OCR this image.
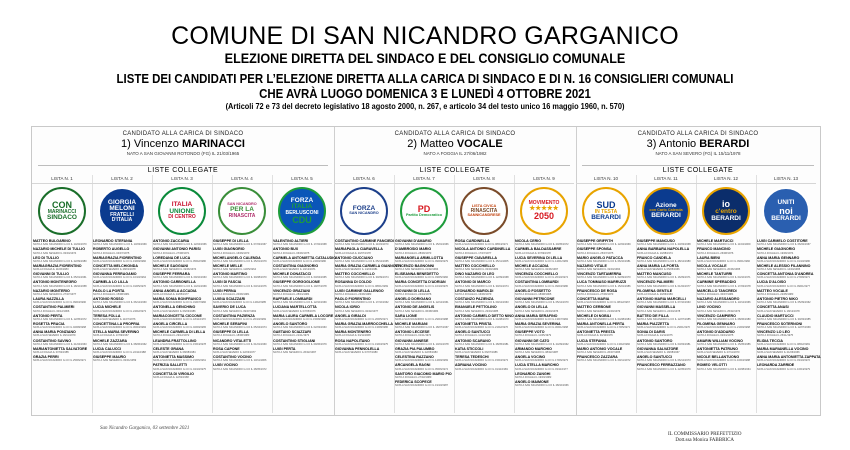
COMUNE DI SAN NICANDRO GARGANICO
ELEZIONE DIRETTA DEL SINDACO E DEL CONSIGLIO COMUNALE
LISTE DEI CANDIDATI PER L’ELEZIONE DIRETTA ALLA CARICA DI SINDACO E DI N. 16 CONSIGLIERI COMUNALI
CHE AVRÀ LUOGO DOMENICA 3 E LUNEDÌ 4 OTTOBRE 2021
(Articoli 72 e 73 del decreto legislativo 18 agosto 2000, n. 267, e articolo 34 del testo unico 16 maggio 1960, n. 570)
CANDIDATO ALLA CARICA DI SINDACO
1) Vincenzo MARINACCI
NATO A SAN GIOVANNI ROTONDO (FG) IL 21/03/1965
LISTE COLLEGATE
LISTA N. 1
CON
MARINACCI
SINDACO
MATTEO BULGARINO
NATO A SAN NICANDRO G.CO IL 14/02/1970
NAZARIO MICHELE DI TULLIO
NATO A SAN SEVERO IL 03/04/1974
LEO DI TULLIO
NATO A SAN NICANDRO G.CO IL 22/09/1980
MARIAGRAZIA FIORENTINO
NATA A FOGGIA IL 11/06/1983
GIOVANNI DI TULLIO
NATO A SAN NICANDRO G.CO IL 05/01/1961
ANTONIO MONTENEGRO
NATO A SAN NICANDRO G.CO IL 18/10/1958
NAZARIO MONTERIO
NATO A SAN SEVERO IL 27/07/1977
LAURA NAZZILLA
NATA A SAN NICANDRO G.CO IL 09/03/1990
COSTANTINO PALMIERI
NATO A FOGGIA IL 30/12/1966
ANTONIO PERTA
NATO A SAN NICANDRO G.CO IL 12/05/1972
ROSETTA PRACIA
NATA A SAN NICANDRO G.CO IL 02/08/1968
ANNA MARIA PONZIANO
NATA A SAN SEVERO IL 16/11/1979
COSTANTINO SAVINO
NATO A SAN NICANDRO G.CO IL 21/04/1963
MARIANTONIETTA SALVATORE
NATA A FOGGIA IL 07/02/1985
GRAZIA PERRI
NATA A SAN NICANDRO G.CO IL 25/06/1971
LISTA N. 2
GIORGIA
MELONI
FRATELLI
D'ITALIA
LEONARDO STEFANIA
NATO A SAN NICANDRO G.CO IL 13/03/1969
ROBERTO AUGELLO
NATO A FOGGIA IL 04/07/1975
MARIAGRAZIA FIORENTINO
NATA A SAN NICANDRO G.CO IL 19/09/1982
CONCETTA MELCHIONDA
NATA A SAN SEVERO IL 28/01/1978
GIOVANNA FERRAGAMO
NATA A SAN NICANDRO G.CO IL 10/10/1964
CARMELA LO LILLA
NATA A SAN NICANDRO G.CO IL 01/05/1970
PAOLO LA PORTA
NATO A FOGGIA IL 15/08/1981
ANTONIO ROSSO
NATO A SAN NICANDRO G.CO IL 06/12/1960
LUCIA MICHELE
NATA A SAN NICANDRO G.CO IL 24/02/1973
TERESA FOLLA
NATA A SAN SEVERO IL 11/07/1976
CONCETTINA LA PROPRIA
NATA A SAN NICANDRO G.CO IL 30/03/1984
STELLA MARIA SEVERINO
NATA A FOGGIA IL 17/09/1967
MICHELE ZAZZARA
NATO A SAN NICANDRO G.CO IL 08/06/1962
LUCIA CALUCCI
NATA A SAN NICANDRO G.CO IL 22/11/1988
GIUSEPPE MAURO
NATO A SAN SEVERO IL 03/01/1959
LISTA N. 3
ITALIA
UNIONE
DI CENTRO
ANTONIO ZACCARIA
NATO A SAN NICANDRO G.CO IL 12/04/1966
GIOVANNI ANTONIO PARISI
NATO A FOGGIA IL 27/08/1971
LOREDANA DE LUCA
NATA A SAN NICANDRO G.CO IL 05/02/1980
MICHELE SAGGIANI
NATO A SAN SEVERO IL 19/06/1974
GIUSEPPE FERRARA
NATO A SAN NICANDRO G.CO IL 09/10/1963
ANTONIO CARBONELLA
NATO A SAN NICANDRO G.CO IL 14/01/1969
ANNA ANGELA ACCADIA
NATA A FOGGIA IL 23/05/1977
MARIA SONIA BONFRANCO
NATA A SAN NICANDRO G.CO IL 31/07/1982
ANTONELLA GENCHINO
NATA A SAN SEVERO IL 06/03/1986
MARIACONCETTA CICCONE
NATA A SAN NICANDRO G.CO IL 18/11/1970
ANGELA CIRCELLA
NATA A SAN NICANDRO G.CO IL 02/09/1965
MICHELE CARMELA DI LELLA
NATO A FOGGIA IL 29/12/1972
LEANDRA FRATTOLLINO
NATA A SAN NICANDRO G.CO IL 15/04/1978
CELESTE GRANA
NATA A SAN SEVERO IL 08/08/1984
ANTONIETTA MASSIMO
NATA A SAN NICANDRO G.CO IL 21/06/1961
PATRIZIA SALLETTI
NATA A SAN NICANDRO G.CO IL 04/10/1975
CONCETTA DI VIRGILIO
NATA A FOGGIA IL 12/02/1968
LISTA N. 4
SAN NICANDRO
PER LA
RINASCITA
GIUSEPPE DI LELLA
NATO A SAN NICANDRO G.CO IL 07/03/1967
LUIGI GIAGNORIO
NATO A FOGGIA IL 16/09/1973
MICHELANGELO CALENDA
NATO A SAN NICANDRO G.CO IL 25/01/1979
MICHELE MELLE
NATO A SAN SEVERO IL 11/05/1964
ANTONIO MARTINO
NATO A SAN NICANDRO G.CO IL 30/08/1970
LUIGI DI FASCIA
NATO A SAN NICANDRO G.CO IL 03/12/1976
LUIGI PERNA
NATO A FOGGIA IL 20/06/1981
LUIGIA SCIAZZARI
NATA A SAN NICANDRO G.CO IL 14/02/1985
SAVERIO DE LUCA
NATO A SAN SEVERO IL 09/07/1962
COSTANTINA PAZIENZA
NATA A SAN NICANDRO G.CO IL 26/10/1969
MICHELE SERAFINI
NATO A SAN NICANDRO G.CO IL 05/04/1974
GIUSEPPE DI LELLA
NATO A FOGGIA IL 18/08/1983
NICANDRO VITALETTI
NATO A SAN NICANDRO G.CO IL 01/01/1960
ROSA CAPONE
NATA A SAN SEVERO IL 22/03/1977
COSTANTINO VOCINO
NATO A SAN NICANDRO G.CO IL 13/11/1966
LUIGI VOCINO
NATO A SAN NICANDRO G.CO IL 28/05/1972
LISTA N. 5
FORZA
ITALIA
BERLUSCONI
CDU
VALENTINO ALTIERI
NATO A SAN NICANDRO G.CO IL 17/02/1968
ANTONIO BUX
NATO A FOGGIA IL 06/06/1975
CARMELA ANTONIETTA CATALUDIO
NATA A SAN NICANDRO G.CO IL 24/09/1980
COSTANTINA GIAGNORIO
NATA A SAN SEVERO IL 10/12/1971
MICHELE DONATACCI
NATO A SAN NICANDRO G.CO IL 03/04/1965
GIUSEPPE GORGOGLIONE
NATO A SAN NICANDRO G.CO IL 19/07/1978
VINCENZO GRAZIANI
NATO A FOGGIA IL 28/01/1984
RAFFAELE LOMBARDI
NATO A SAN NICANDRO G.CO IL 12/10/1969
LUCIANA MARTELLOTTA
NATA A SAN SEVERO IL 07/05/1976
MARIA LAURA CARMELA LOCORE
NATA A SAN NICANDRO G.CO IL 15/08/1982
ANGELO SANTORO
NATO A SAN NICANDRO G.CO IL 02/03/1963
GAETANO SCIAZZARI
NATO A FOGGIA IL 21/11/1973
COSTANTINO STIGLIANI
NATO A SAN NICANDRO G.CO IL 09/06/1979
LUIGI PERTA
NATO A SAN SEVERO IL 26/02/1967
CANDIDATO ALLA CARICA DI SINDACO
2) Matteo VOCALE
NATO A FOGGIA IL 27/06/1982
LISTE COLLEGATE
LISTA N. 6
FORZA
SAN NICANDRO
COSTANTINO CARMINE FANCIEDI
NATO A SAN NICANDRO G.CO IL 11/03/1970
MARIAPAOLA CIARAVELLA
NATA A FOGGIA IL 20/07/1978
ANTONIO CIUCCIANO
NATO A SAN NICANDRO G.CO IL 05/12/1965
MARIA GRAZIA CARMELA GIANNOTTI
NATA A SAN SEVERO IL 14/04/1981
MATTEO COCCHIELLO
NATO A SAN NICANDRO G.CO IL 30/09/1974
ROSANNA DI COLDO
NATA A SAN NICANDRO G.CO IL 08/01/1969
LUIGI CARMINE GALLENGO
NATO A FOGGIA IL 23/06/1983
PAOLO FIORENTINO
NATO A SAN NICANDRO G.CO IL 17/10/1962
NICOLA IORIO
NATO A SAN SEVERO IL 02/02/1977
ANGELA GIRALDI
NATA A SAN NICANDRO G.CO IL 26/05/1971
MARIA GRAZIA MARROCCHELLA
NATA A SAN NICANDRO G.CO IL 13/08/1986
MARIA MONTENERO
NATA A FOGGIA IL 04/11/1968
ROSA NAPOLITANO
NATA A SAN NICANDRO G.CO IL 19/03/1975
GIOVANNA PENNOLELLA
NATA A SAN SEVERO IL 07/07/1980
LISTA N. 7
PD
Partito Democratico
GIOVANNI D'AMARIO
NATO A SAN NICANDRO G.CO IL 15/01/1966
D'AMBROSIO MARIO
NATO A FOGGIA IL 28/06/1973
MARIANGELA ARMILLOTTA
NATA A SAN NICANDRO G.CO IL 09/09/1979
VINCENZO BAGNONNI
NATO A SAN SEVERO IL 21/02/1964
ELISEANNA BENEDETTO
NATA A SAN NICANDRO G.CO IL 03/05/1982
MARIA CONCETTA D'ADRIAN
NATA A SAN NICANDRO G.CO IL 16/10/1970
GIOVANNI DI LELLA
NATO A FOGGIA IL 24/04/1976
ANGELO DORIGANO
NATO A SAN NICANDRO G.CO IL 12/12/1961
ANTONIO DE ANGELIS
NATO A SAN SEVERO IL 06/08/1984
SARA LIONE
NATA A SAN NICANDRO G.CO IL 29/03/1988
MICHELE MARIANI
NATO A SAN NICANDRO G.CO IL 18/07/1967
ANTONIO LECCESE
NATO A FOGGIA IL 01/11/1972
GIOVANNI ANNESE
NATO A SAN NICANDRO G.CO IL 10/01/1978
GRAZIA PIA PALUMBO
NATA A SAN SEVERO IL 22/05/1983
CELESTINA RAZZANO
NATA A SAN NICANDRO G.CO IL 14/09/1969
ARCANGELA RAGNI
NATA A SAN NICANDRO G.CO IL 05/06/1974
SANTORO GIACOMO MARIO PIO
NATO A FOGGIA IL 27/02/1980
FEDERICA SCOPECE
NATA A SAN NICANDRO G.CO IL 19/10/1987
LISTA N. 8
LISTA CIVICA
RINASCITA
SANNICANDRESE
ROSA CARDINELLA
NATA A SAN NICANDRO G.CO IL 08/04/1971
NICOLA ANTONIO CARDINELLA
NATO A FOGGIA IL 17/07/1977
GIUSEPPE CIAVARELLA
NATO A SAN NICANDRO G.CO IL 25/11/1965
MATTEO COCCHIELLO
NATO A SAN SEVERO IL 03/03/1982
DINO NAZARIO DI LEO
NATO A SAN NICANDRO G.CO IL 12/09/1968
ANTONIO DI MARCO
NATO A SAN NICANDRO G.CO IL 30/01/1974
LEONARDO MAROLDI
NATO A FOGGIA IL 16/06/1979
COSTANZO PAZIENZA
NATO A SAN NICANDRO G.CO IL 09/12/1963
EMANUELE PETTOLINO
NATO A SAN SEVERO IL 23/04/1985
ANTONIO CARMELO DETTO NINO
NATO A SAN NICANDRO G.CO IL 04/08/1970
ANTONIETTA PRISTA
NATA A SAN NICANDRO G.CO IL 21/02/1976
ANGELO SANTUCCI
NATO A FOGGIA IL 11/10/1966
ANTONIO SCARANO
NATO A SAN NICANDRO G.CO IL 28/05/1981
KATIA STICCOLI
NATA A SAN SEVERO IL 06/07/1986
TERESA TEDESCHI
NATA A SAN NICANDRO G.CO IL 15/03/1973
ADRIANA VOCINO
NATA A SAN NICANDRO G.CO IL 01/11/1969
LISTA N. 9
MOVIMENTO
★★★★★
2050
NICOLA CERIO
NATO A SAN NICANDRO G.CO IL 20/05/1972
CARMELA BALDASSARRE
NATA A FOGGIA IL 07/09/1978
LUCIA SEVERINA DI LELLA
NATA A SAN NICANDRO G.CO IL 14/01/1983
MICHELE ACCADIA
NATO A SAN SEVERO IL 02/06/1967
VINCENZA COCCHIELLO
NATA A SAN NICANDRO G.CO IL 26/10/1974
COSTANTINA LOMBARDI
NATA A SAN NICANDRO G.CO IL 09/03/1980
ANGELO FOSSETTO
NATO A FOGGIA IL 18/08/1965
GIOVANNI PETRICONE
NATO A SAN NICANDRO G.CO IL 05/12/1970
ANGELO DI LELLA
NATO A SAN SEVERO IL 22/04/1976
ANNA MARIA SERAFINO
NATA A SAN NICANDRO G.CO IL 13/07/1984
MARIA GRAZIA SEVERINA
NATA A SAN NICANDRO G.CO IL 30/01/1968
GIUSEPPE VOTO
NATO A FOGGIA IL 11/05/1979
GIOVANNI DE CATO
NATO A SAN NICANDRO G.CO IL 24/09/1962
ARMANDO MARCHIO
NATO A SAN SEVERO IL 08/02/1987
ANGELA VOCINO
NATA A SAN NICANDRO G.CO IL 17/06/1973
LUCIA STELLA MARCHIO
NATA A SAN NICANDRO G.CO IL 03/11/1977
LEONARDO ZANGHI
NATO A FOGGIA IL 19/03/1982
ANGELO MAIMONE
NATO A SAN NICANDRO G.CO IL 28/10/1966
CANDIDATO ALLA CARICA DI SINDACO
3) Antonio BERARDI
NATO A SAN SEVERO (FG) IL 15/11/1978
LISTE COLLEGATE
LISTA N. 10
SUD
IN TESTA
BERARDI
GIUSEPPE GRIFFITH
NATO A SAN NICANDRO G.CO IL 12/02/1969
GIUSEPPE SPONSA
NATO A FOGGIA IL 25/07/1975
MARIO ANGELO PATACCA
NATO A SAN NICANDRO G.CO IL 06/10/1981
NAZARIO VITALE
NATO A SAN SEVERO IL 19/04/1964
VINCENZO TARTAMERRA
NATO A SAN NICANDRO G.CO IL 02/09/1970
LUCA TOMMASO MARRUZZI
NATO A SAN NICANDRO G.CO IL 15/01/1986
FRANCESCO DE ROSA
NATO A FOGGIA IL 27/06/1973
CONCETTA MARIA
NATA A SAN NICANDRO G.CO IL 08/12/1967
MATTEO CERBONE
NATO A SAN SEVERO IL 21/03/1979
MICHELE DI NOBILI
NATO A SAN NICANDRO G.CO IL 04/08/1984
MARIA ANTONELLA PERTA
NATA A SAN NICANDRO G.CO IL 17/05/1971
ANTONIETTA PRESTA
NATA A FOGGIA IL 30/10/1976
LUCIA STEFANIA
NATA A SAN NICANDRO G.CO IL 13/02/1982
MARIO ANTONIO VOCALE
NATO A SAN SEVERO IL 26/07/1965
FRANCESCO ZAZZARA
NATO A SAN NICANDRO G.CO IL 09/11/1972
LISTA N. 11
Azione
con Carlo Calenda
BERARDI
GIUSEPPE MANCUSO
NATO A SAN NICANDRO G.CO IL 23/03/1968
ANNA BARBARA NAPOLELLA
NATA A FOGGIA IL 10/08/1974
FRANCO CANDELA
NATO A SAN NICANDRO G.CO IL 28/12/1980
ANNA MARIA LA PORTA
NATA A SAN SEVERO IL 05/05/1966
MATTEO MANCUSO
NATO A SAN NICANDRO G.CO IL 16/09/1971
VINCENZO PALMIERI
NATO A SAN NICANDRO G.CO IL 01/02/1977
FILOMENA GENTILE
NATA A FOGGIA IL 20/06/1983
ANTONIO MARIA MARCELLI
NATO A SAN NICANDRO G.CO IL 07/10/1963
GIOVANNI MASSELLA
NATO A SAN SEVERO IL 24/04/1978
BATTEO DE FILLA
NATO A SAN NICANDRO G.CO IL 12/07/1985
MARIA PIAZZETTA
NATA A SAN NICANDRO G.CO IL 29/01/1970
SONIA DI DARIS
NATA A FOGGIA IL 14/11/1975
ANTONIO SANTORO
NATO A SAN NICANDRO G.CO IL 03/03/1981
GIOVANNA SALVATORE
NATA A SAN SEVERO IL 18/08/1967
ANGELO SANTUCCI
NATO A SAN NICANDRO G.CO IL 06/12/1973
FRANCESCO FERRAZZANO
NATO A SAN NICANDRO G.CO IL 22/05/1979
LISTA N. 12
io
c'entro
BERARDI
MICHELE MARTUCCI
NATO A SAN NICANDRO G.CO IL 11/04/1969
FRANCO MANCINO
NATO A FOGGIA IL 26/08/1976
LAURA BIENI
NATA A SAN NICANDRO G.CO IL 09/01/1982
NICOLA VOCALE
NATO A SAN SEVERO IL 20/06/1965
MICHELE TANTURRI
NATO A SAN NICANDRO G.CO IL 04/10/1971
CARMINE SPERADDIO
NATO A SAN NICANDRO G.CO IL 17/03/1978
MARCELLO TANCREDI
NATO A FOGGIA IL 30/07/1984
NAZARIO ALESSANDRO
NATO A SAN NICANDRO G.CO IL 13/12/1966
LINO VOCINO
NATO A SAN SEVERO IL 25/02/1973
VINCENZO CAMPIERO
NATO A SAN NICANDRO G.CO IL 08/06/1980
FILOMENA GENNARO
NATA A SAN NICANDRO G.CO IL 21/09/1968
ANTONIO D'ADDARIO
NATO A FOGGIA IL 02/01/1975
AMARIN WILLIAM VOCINO
NATO A SAN NICANDRO G.CO IL 15/05/1986
ANTONIETTA PATRUNO
NATA A SAN SEVERO IL 27/11/1970
NICOLE BELLANTUONO
NATA A SAN NICANDRO G.CO IL 10/03/1988
ROMEO VELOTTI
NATO A SAN NICANDRO G.CO IL 23/08/1964
LISTA N. 13
UNITI
noi
BERARDI
LUIGI CARMELO COSTITORE
NATO A SAN NICANDRO G.CO IL 06/02/1967
MICHELE GIAGNORIO
NATO A FOGGIA IL 19/06/1974
ANNA MARIA GENNARO
NATA A SAN NICANDRO G.CO IL 01/10/1980
MICHELE ALESSIO FILANNINO
NATO A SAN SEVERO IL 14/04/1965
CONCETTA ANTONIA D'ANDREA
NATA A SAN NICANDRO G.CO IL 27/08/1971
LUCIA D'ALOISO
NATA A SAN NICANDRO G.CO IL 09/01/1977
MATTEO VOCALE
NATO A FOGGIA IL 22/05/1983
ANTONIO PIETRO NIKO
NATO A SAN NICANDRO G.CO IL 05/09/1962
CONCETTA ANASI
NATA A SAN SEVERO IL 18/12/1978
CLAUDIO MARTUCCI
NATO A SAN NICANDRO G.CO IL 30/03/1985
FRANCESCO SOTERNONI
NATO A SAN NICANDRO G.CO IL 12/07/1969
VINCENZO LO LEO
NATO A FOGGIA IL 25/11/1975
ELIDIA TECCIA
NATA A SAN NICANDRO G.CO IL 08/02/1981
MARIA MARIANELLA VOCINO
NATA A SAN SEVERO IL 21/06/1966
ANNA MARIA ANTONIETTA ZAPPATA
NATA A SAN NICANDRO G.CO IL 03/10/1972
LEONARDA ZARRIDE
NATA A SAN NICANDRO G.CO IL 16/04/1979
San Nicandro Garganico, 03 settembre 2021
IL COMMISSARIO PREFETTIZIO
Dott.ssa Monica FABBRICA
